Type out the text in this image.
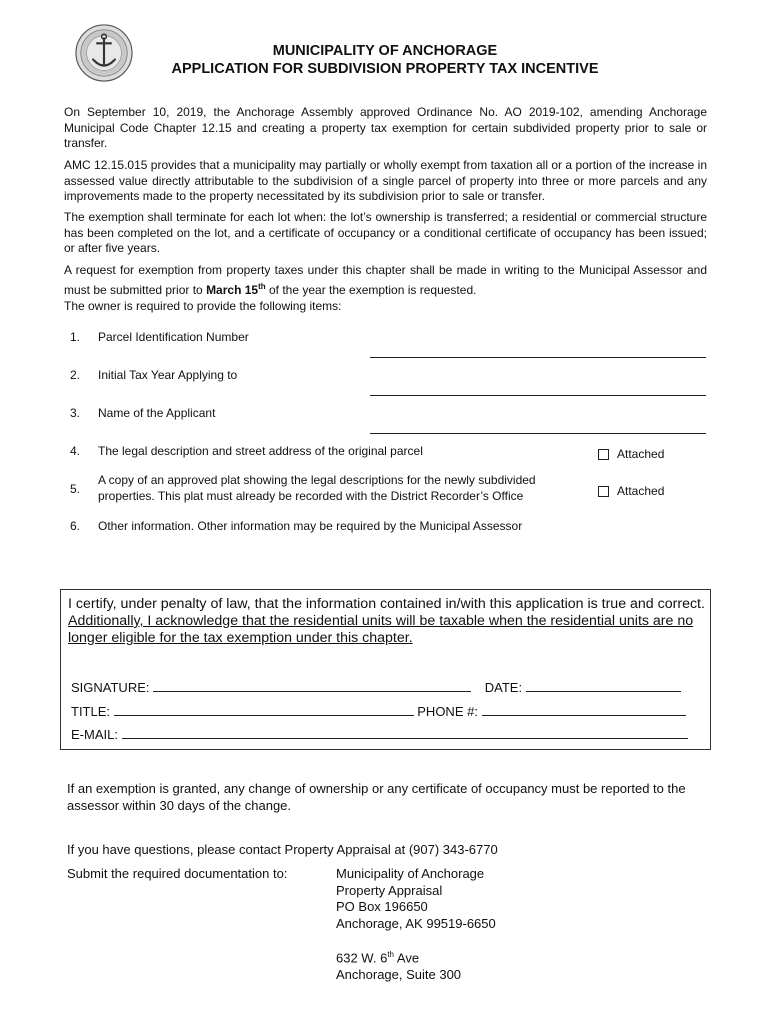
MUNICIPALITY OF ANCHORAGE
APPLICATION FOR SUBDIVISION PROPERTY TAX INCENTIVE

On September 10, 2019, the Anchorage Assembly approved Ordinance No. AO 2019-102, amending Anchorage Municipal Code Chapter 12.15 and creating a property tax exemption for certain subdivided property prior to sale or transfer.

AMC 12.15.015 provides that a municipality may partially or wholly exempt from taxation all or a portion of the increase in assessed value directly attributable to the subdivision of a single parcel of property into three or more parcels and any improvements made to the property necessitated by its subdivision prior to sale or transfer.

The exemption shall terminate for each lot when: the lot’s ownership is transferred; a residential or commercial structure has been completed on the lot, and a certificate of occupancy or a conditional certificate of occupancy has been issued; or after five years.

A request for exemption from property taxes under this chapter shall be made in writing to the Municipal Assessor and must be submitted prior to March 15th of the year the exemption is requested.

The owner is required to provide the following items:

1. Parcel Identification Number
2. Initial Tax Year Applying to
3. Name of the Applicant
4. The legal description and street address of the original parcel	Attached
5.
A copy of an approved plat showing the legal descriptions for the newly subdivided
properties. This plat must already be recorded with the District Recorder’s Office	Attached
6. Other information. Other information may be required by the Municipal Assessor
I certify, under penalty of law, that the information contained in/with this application is true and correct. Additionally, I acknowledge that the residential units will be taxable when the residential units are no longer eligible for the tax exemption under this chapter.
SIGNATURE:	DATE:
TITLE:	PHONE #:
E-MAIL:
If an exemption is granted, any change of ownership or any certificate of occupancy must be reported to the assessor within 30 days of the change.
If you have questions, please contact Property Appraisal at (907) 343-6770
Submit the required documentation to:	Municipality of Anchorage
Property Appraisal
PO Box 196650
Anchorage, AK 99519-6650
632 W. 6th Ave
Anchorage, Suite 300
